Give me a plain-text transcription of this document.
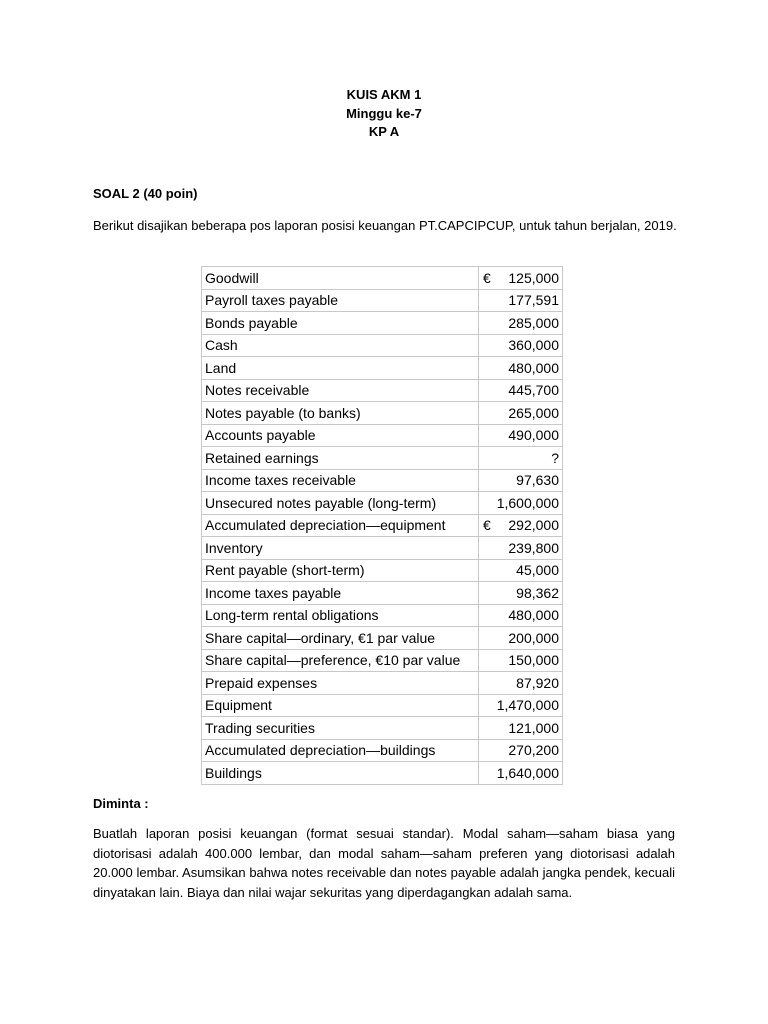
KUIS AKM 1
Minggu ke-7
KP A
SOAL 2 (40 poin)
Berikut disajikan beberapa pos laporan posisi keuangan PT.CAPCIPCUP, untuk tahun berjalan, 2019.
Goodwill	€ 125,000

Payroll taxes payable	177,591

Bonds payable	285,000

Cash	360,000

Land	480,000

Notes receivable	445,700

Notes payable (to banks)	265,000

Accounts payable	490,000

Retained earnings	?

Income taxes receivable	97,630

Unsecured notes payable (long-term)	1,600,000

Accumulated depreciation—equipment	€ 292,000

Inventory	239,800

Rent payable (short-term)	45,000

Income taxes payable	98,362

Long-term rental obligations	480,000

Share capital—ordinary, €1 par value	200,000

Share capital—preference, €10 par value	150,000

Prepaid expenses	87,920

Equipment	1,470,000

Trading securities	121,000

Accumulated depreciation—buildings	270,200

Buildings	1,640,000
Diminta :
Buatlah laporan posisi keuangan (format sesuai standar). Modal saham—saham biasa yang diotorisasi adalah 400.000 lembar, dan modal saham—saham preferen yang diotorisasi adalah 20.000 lembar. Asumsikan bahwa notes receivable dan notes payable adalah jangka pendek, kecuali dinyatakan lain. Biaya dan nilai wajar sekuritas yang diperdagangkan adalah sama.
